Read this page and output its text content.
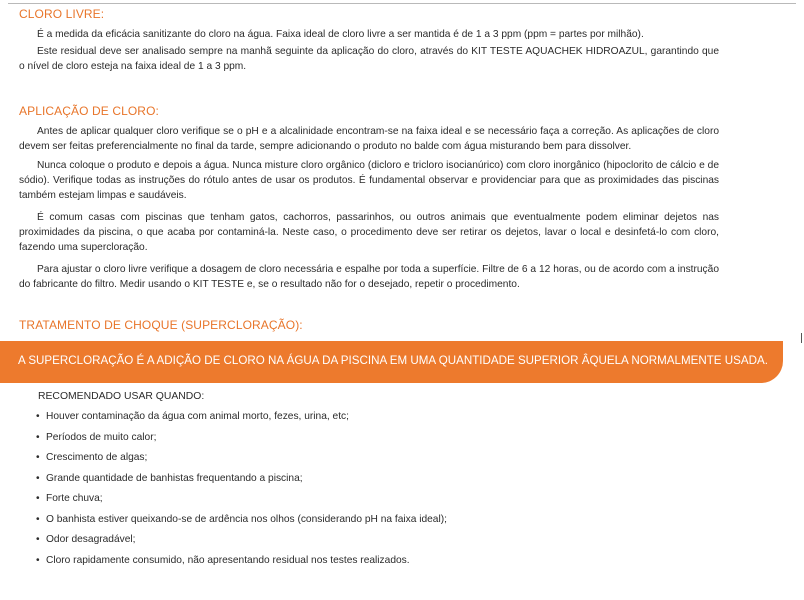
CLORO LIVRE:

É a medida da eficácia sanitizante do cloro na água. Faixa ideal de cloro livre a ser mantida é de 1 a 3 ppm (ppm = partes por milhão).

Este residual deve ser analisado sempre na manhã seguinte da aplicação do cloro, através do KIT TESTE AQUACHEK HIDROAZUL, garantindo que o nível de cloro esteja na faixa ideal de 1 a 3 ppm.

APLICAÇÃO DE CLORO:

Antes de aplicar qualquer cloro verifique se o pH e a alcalinidade encontram-se na faixa ideal e se necessário faça a correção. As aplicações de cloro devem ser feitas preferencialmente no final da tarde, sempre adicionando o produto no balde com água misturando bem para dissolver.

Nunca coloque o produto e depois a água. Nunca misture cloro orgânico (dicloro e tricloro isocianúrico) com cloro inorgânico (hipoclorito de cálcio e de sódio). Verifique todas as instruções do rótulo antes de usar os produtos. É fundamental observar e providenciar para que as proximidades das piscinas também estejam limpas e saudáveis.

É comum casas com piscinas que tenham gatos, cachorros, passarinhos, ou outros animais que eventualmente podem eliminar dejetos nas proximidades da piscina, o que acaba por contaminá-la. Neste caso, o procedimento deve ser retirar os dejetos, lavar o local e desinfetá-lo com cloro, fazendo uma supercloração.

Para ajustar o cloro livre verifique a dosagem de cloro necessária e espalhe por toda a superfície. Filtre de 6 a 12 horas, ou de acordo com a instrução do fabricante do filtro. Medir usando o KIT TESTE e, se o resultado não for o desejado, repetir o procedimento.

TRATAMENTO DE CHOQUE (SUPERCLORAÇÃO):

A SUPERCLORAÇÃO É A ADIÇÃO DE CLORO NA ÁGUA DA PISCINA EM UMA QUANTIDADE SUPERIOR ÂQUELA NORMALMENTE USADA.

RECOMENDADO USAR QUANDO:

• Houver contaminação da água com animal morto, fezes, urina, etc;
• Períodos de muito calor;
• Crescimento de algas;
• Grande quantidade de banhistas frequentando a piscina;
• Forte chuva;
• O banhista estiver queixando-se de ardência nos olhos (considerando pH na faixa ideal);
• Odor desagradável;
• Cloro rapidamente consumido, não apresentando residual nos testes realizados.
